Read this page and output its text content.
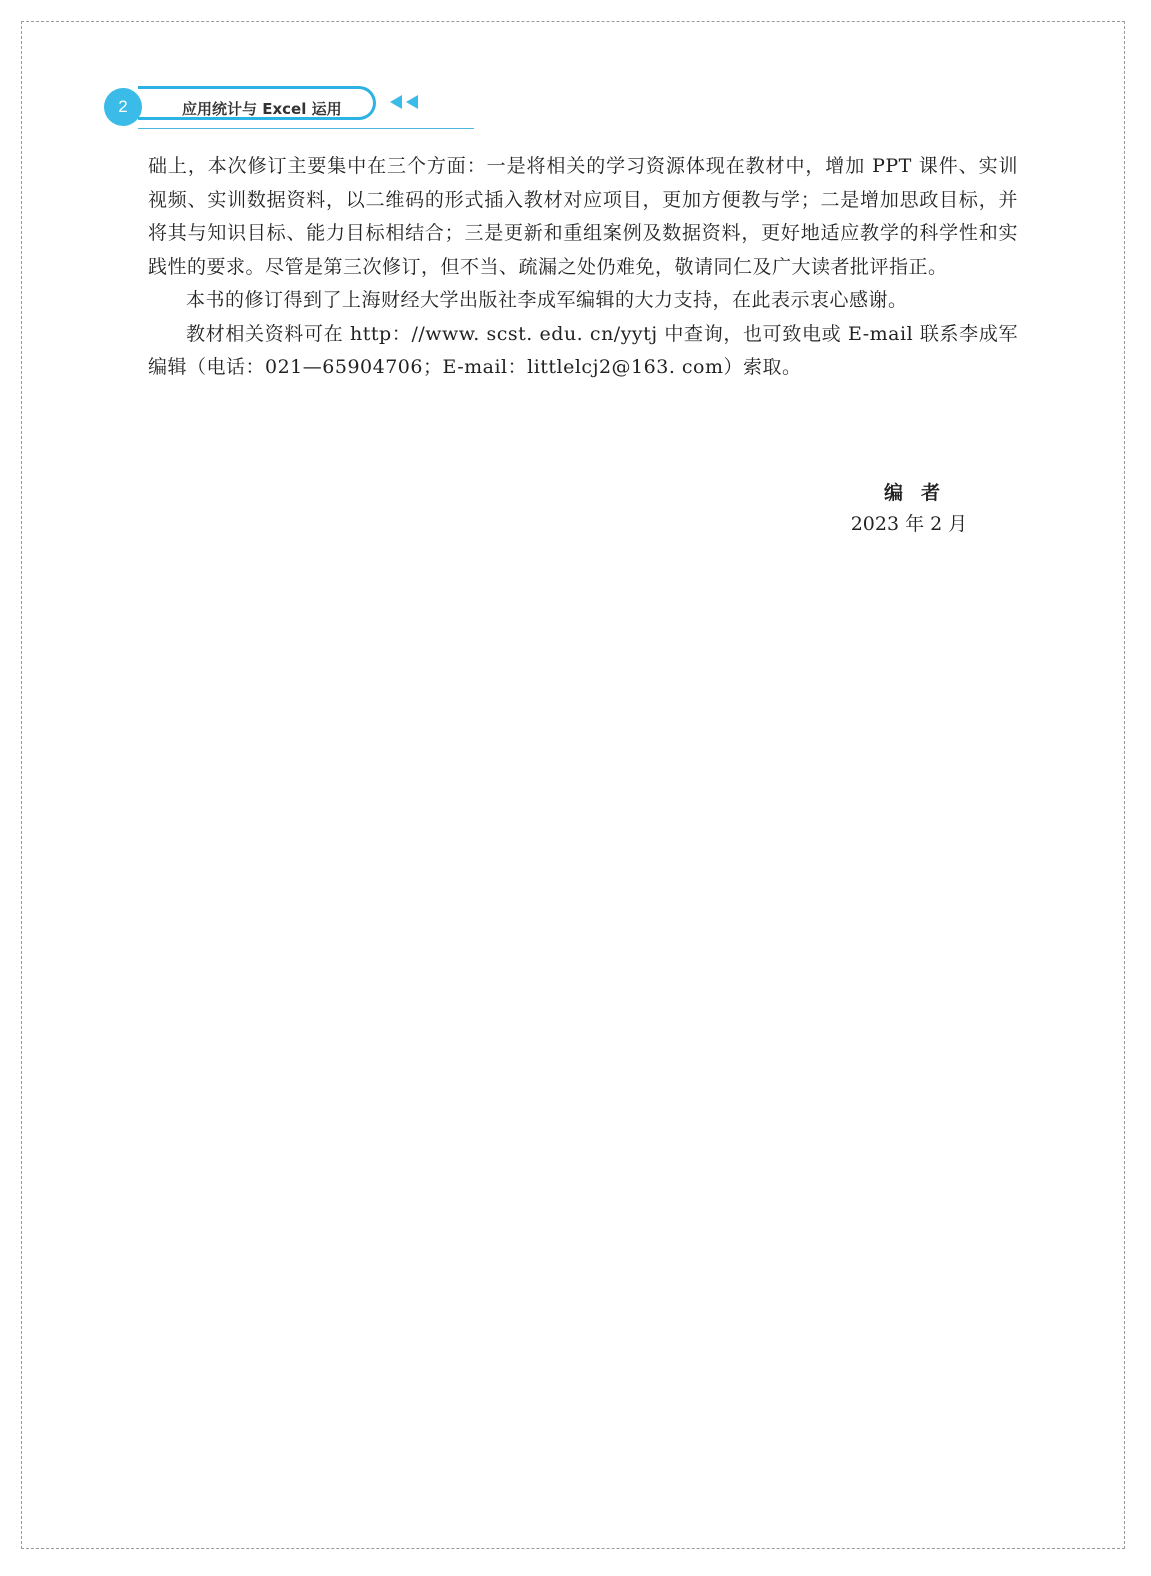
2	应用统计与 Excel 运用

础上，本次修订主要集中在三个方面：一是将相关的学习资源体现在教材中，增加 PPT 课件、实训视频、实训数据资料，以二维码的形式插入教材对应项目，更加方便教与学；二是增加思政目标，并将其与知识目标、能力目标相结合；三是更新和重组案例及数据资料，更好地适应教学的科学性和实践性的要求。尽管是第三次修订，但不当、疏漏之处仍难免，敬请同仁及广大读者批评指正。

本书的修订得到了上海财经大学出版社李成军编辑的大力支持，在此表示衷心感谢。

教材相关资料可在 http：//www. scst. edu. cn/yytj 中查询，也可致电或 E-mail 联系李成军编辑（电话：021—65904706；E-mail：littlelcj2@163. com）索取。

编者
2023 年 2 月
